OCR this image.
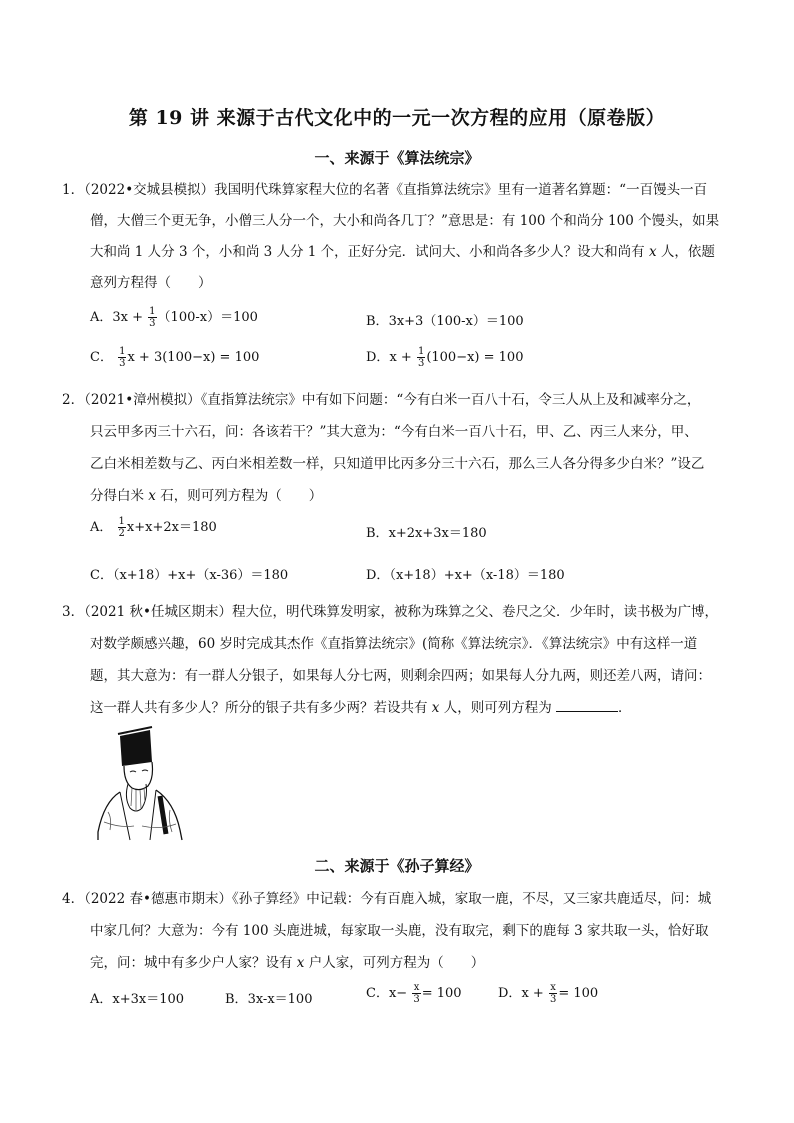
第 19 讲 来源于古代文化中的一元一次方程的应用（原卷版）
一、来源于《算法统宗》
1．（2022•交城县模拟）我国明代珠算家程大位的名著《直指算法统宗》里有一道著名算题：“一百馒头一百
僧，大僧三个更无争，小僧三人分一个，大小和尚各几丁？”意思是：有 100 个和尚分 100 个馒头，如果
大和尚 1 人分 3 个，小和尚 3 人分 1 个，正好分完．试问大、小和尚各多少人？设大和尚有 x 人，依题
意列方程得（　　）
A．$3x + \frac{1}{3} (100-x)=100$	B．3x+3（100-x）＝100
C． $\frac{1}{3}$ x + 3(100−x) = 100	D．$x + \frac{1}{3} (100-x) = 100$
2．（2021•漳州模拟）《直指算法统宗》中有如下问题：“今有白米一百八十石，令三人从上及和减率分之，
只云甲多丙三十六石，问：各该若干？”其大意为：“今有白米一百八十石，甲、乙、丙三人来分，甲、
乙白米相差数与乙、丙白米相差数一样，只知道甲比丙多分三十六石，那么三人各分得多少白米？”设乙
分得白米 x 石，则可列方程为（　　）
A． $\frac{1}{2} x+x+2x=180$	B．x+2x+3x＝180
C．（x+18）+x+（x-36）＝180	D．（x+18）+x+（x-18）＝180
3．（2021 秋•任城区期末）程大位，明代珠算发明家，被称为珠算之父、卷尺之父．少年时，读书极为广博，
对数学颇感兴趣，60 岁时完成其杰作《直指算法统宗》(简称《算法统宗》．《算法统宗》中有这样一道
题，其大意为：有一群人分银子，如果每人分七两，则剩余四两；如果每人分九两，则还差八两，请问：
这一群人共有多少人？所分的银子共有多少两？若设共有 x 人，则可列方程为	．
二、来源于《孙子算经》
4．（2022 春•德惠市期末）《孙子算经》中记载：今有百鹿入城，家取一鹿，不尽，又三家共鹿适尽，问：城
中家几何？大意为：今有 100 头鹿进城，每家取一头鹿，没有取完，剩下的鹿每 3 家共取一头，恰好取
完，问：城中有多少户人家？设有 x 户人家，可列方程为（　　）
A．x+3x＝100	B．3x-x＝100	C．$x- \frac{x}{3} = 100$	D．$x + \frac{x}{3} = 100$
